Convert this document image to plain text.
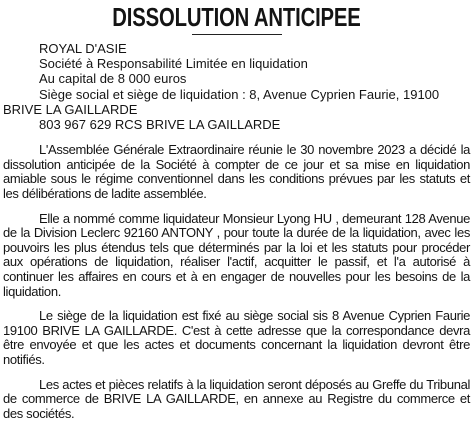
DISSOLUTION ANTICIPEE
ROYAL D'ASIE
Société à Responsabilité Limitée en liquidation
Au capital de 8 000 euros
Siège social et siège de liquidation : 8, Avenue Cyprien Faurie, 19100 BRIVE LA GAILLARDE
803 967 629 RCS BRIVE LA GAILLARDE

L'Assemblée Générale Extraordinaire réunie le 30 novembre 2023 a décidé la dissolution anticipée de la Société à compter de ce jour et sa mise en liquidation amiable sous le régime conventionnel dans les conditions prévues par les statuts et les délibérations de ladite assemblée.

Elle a nommé comme liquidateur Monsieur Lyong HU , demeurant 128 Avenue de la Division Leclerc 92160 ANTONY , pour toute la durée de la liquidation, avec les pouvoirs les plus étendus tels que déterminés par la loi et les statuts pour procéder aux opérations de liquidation, réaliser l'actif, acquitter le passif, et l'a autorisé à continuer les affaires en cours et à en engager de nouvelles pour les besoins de la liquidation.

Le siège de la liquidation est fixé au siège social sis 8 Avenue Cyprien Faurie 19100 BRIVE LA GAILLARDE. C'est à cette adresse que la correspondance devra être envoyée et que les actes et documents concernant la liquidation devront être notifiés.

Les actes et pièces relatifs à la liquidation seront déposés au Greffe du Tribunal de commerce de BRIVE LA GAILLARDE, en annexe au Registre du commerce et des sociétés.
